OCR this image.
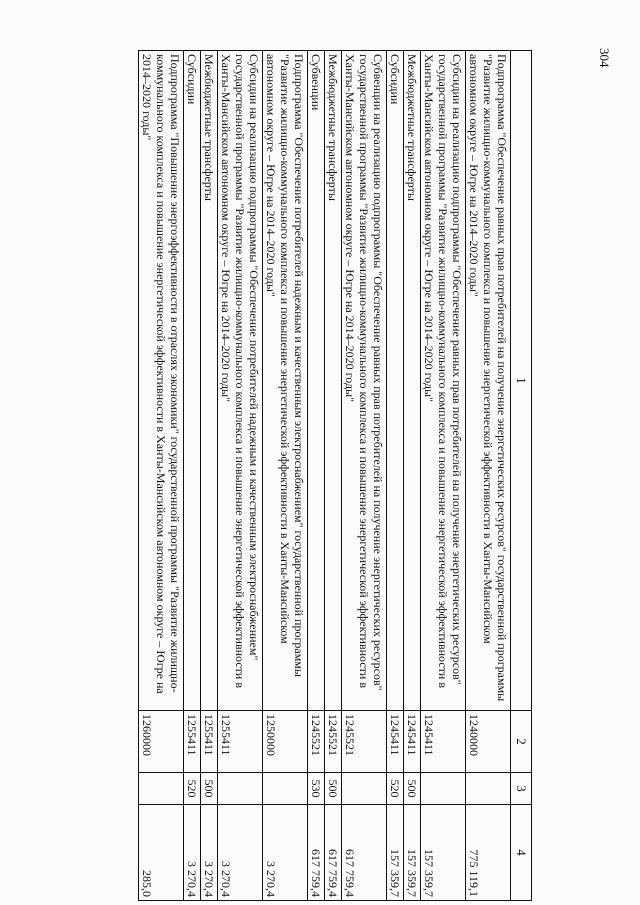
304
1	2	3	4
Подпрограмма "Обеспечение равных прав потребителей на получение энергетических ресурсов" государственной программы "Развитие жилищно-коммунального комплекса и повышение энергетической эффективности в Ханты-Мансийском автономном округе – Югре на 2014–2020 годы"	1240000		775 119,1
Субсидии на реализацию подпрограммы "Обеспечение равных прав потребителей на получение энергетических ресурсов" государственной программы "Развитие жилищно-коммунального комплекса и повышение энергетической эффективности в Ханты-Мансийском автономном округе – Югре на 2014–2020 годы"	1245411		157 359,7
Межбюджетные трансферты	1245411	500	157 359,7
Субсидии	1245411	520	157 359,7
Субвенции на реализацию подпрограммы "Обеспечение равных прав потребителей на получение энергетических ресурсов" государственной программы "Развитие жилищно-коммунального комплекса и повышение энергетической эффективности в Ханты-Мансийском автономном округе – Югре на 2014–2020 годы"	1245521		617 759,4
Межбюджетные трансферты	1245521	500	617 759,4
Субвенции	1245521	530	617 759,4
Подпрограмма "Обеспечение потребителей надежным и качественным электроснабжением" государственной программы "Развитие жилищно-коммунального комплекса и повышение энергетической эффективности в Ханты-Мансийском автономном округе – Югре на 2014–2020 годы"	1250000		3 270,4
Субсидии на реализацию подпрограммы "Обеспечение потребителей надежным и качественным электроснабжением" государственной программы "Развитие жилищно-коммунального комплекса и повышение энергетической эффективности в Ханты-Мансийском автономном округе – Югре на 2014–2020 годы"	1255411		3 270,4
Межбюджетные трансферты	1255411	500	3 270,4
Субсидии	1255411	520	3 270,4
Подпрограмма "Повышение энергоэффективности в отраслях экономики" государственной программы "Развитие жилищно-коммунального комплекса и повышение энергетической эффективности в Ханты-Мансийском автономном округе – Югре на 2014–2020 годы"	1260000		285,0
